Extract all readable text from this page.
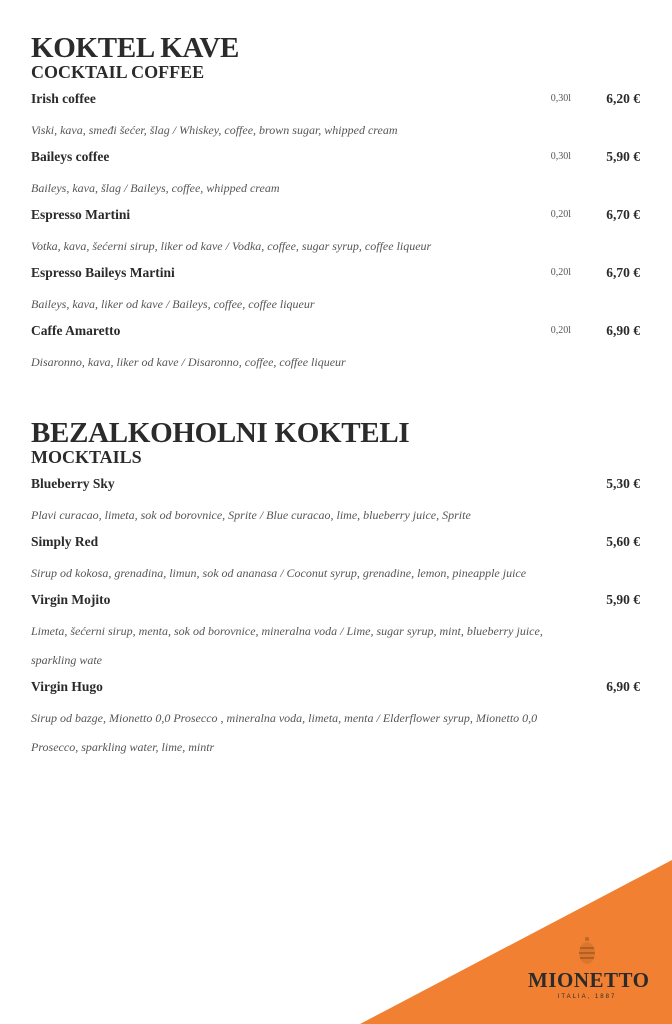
KOKTEL KAVE
COCKTAIL COFFEE
Irish coffee	0,30l	6,20 €
Viski, kava, smeđi šećer, šlag / Whiskey, coffee, brown sugar, whipped cream
Baileys coffee	0,30l	5,90 €
Baileys, kava, šlag / Baileys, coffee, whipped cream
Espresso Martini	0,20l	6,70 €
Votka, kava, šećerni sirup, liker od kave / Vodka, coffee, sugar syrup, coffee liqueur
Espresso Baileys Martini	0,20l	6,70 €
Baileys, kava, liker od kave / Baileys, coffee, coffee liqueur
Caffe Amaretto	0,20l	6,90 €
Disaronno, kava, liker od kave / Disaronno, coffee, coffee liqueur
BEZALKOHOLNI KOKTELI
MOCKTAILS
Blueberry Sky	5,30 €
Plavi curacao, limeta, sok od borovnice, Sprite / Blue curacao, lime, blueberry juice, Sprite
Simply Red	5,60 €
Sirup od kokosa, grenadina, limun, sok od ananasa / Coconut syrup, grenadine, lemon, pineapple juice
Virgin Mojito	5,90 €
Limeta, šećerni sirup, menta, sok od borovnice, mineralna voda / Lime, sugar syrup, mint, blueberry juice,
sparkling wate
Virgin Hugo	6,90 €
Sirup od bazge, Mionetto 0,0 Prosecco , mineralna voda, limeta, menta / Elderflower syrup, Mionetto 0,0
Prosecco, sparkling water, lime, mintr
MIONETTO
ITALIA, 1887
